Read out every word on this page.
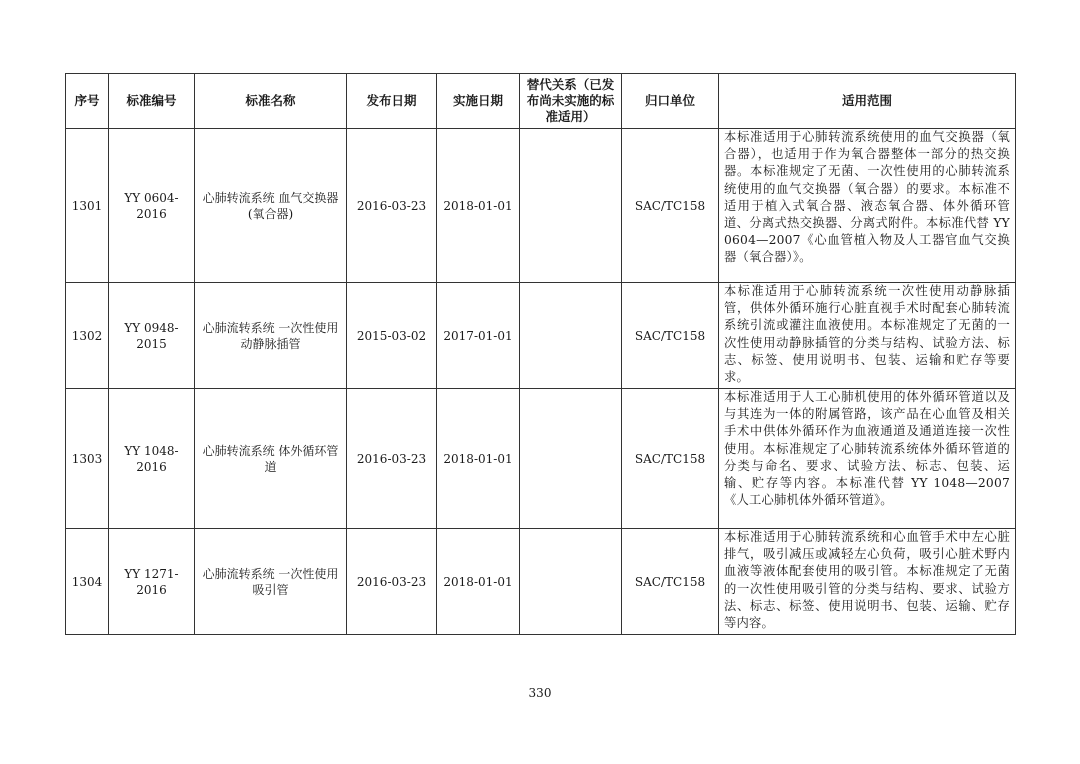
序号	标准编号	标准名称	发布日期	实施日期	替代关系（已发布尚未实施的标准适用）	归口单位	适用范围
1301	YY 0604-2016	心肺转流系统 血气交换器(氧合器)	2016-03-23	2018-01-01		SAC/TC158	本标准适用于心肺转流系统使用的血气交换器（氧合器），也适用于作为氧合器整体一部分的热交换器。本标准规定了无菌、一次性使用的心肺转流系统使用的血气交换器（氧合器）的要求。本标准不适用于植入式氧合器、液态氧合器、体外循环管道、分离式热交换器、分离式附件。本标准代替 YY 0604—2007《心血管植入物及人工器官血气交换器（氧合器）》。
1302	YY 0948-2015	心肺流转系统 一次性使用动静脉插管	2015-03-02	2017-01-01		SAC/TC158	本标准适用于心肺转流系统一次性使用动静脉插管，供体外循环施行心脏直视手术时配套心肺转流系统引流或灌注血液使用。本标准规定了无菌的一次性使用动静脉插管的分类与结构、试验方法、标志、标签、使用说明书、包装、运输和贮存等要求。
1303	YY 1048-2016	心肺转流系统 体外循环管道	2016-03-23	2018-01-01		SAC/TC158	本标准适用于人工心肺机使用的体外循环管道以及与其连为一体的附属管路，该产品在心血管及相关手术中供体外循环作为血液通道及通道连接一次性使用。本标准规定了心肺转流系统体外循环管道的分类与命名、要求、试验方法、标志、包装、运输、贮存等内容。本标准代替 YY 1048—2007《人工心肺机体外循环管道》。
1304	YY 1271-2016	心肺流转系统 一次性使用吸引管	2016-03-23	2018-01-01		SAC/TC158	本标准适用于心肺转流系统和心血管手术中左心脏排气，吸引减压或减轻左心负荷，吸引心脏术野内血液等液体配套使用的吸引管。本标准规定了无菌的一次性使用吸引管的分类与结构、要求、试验方法、标志、标签、使用说明书、包装、运输、贮存等内容。
330
